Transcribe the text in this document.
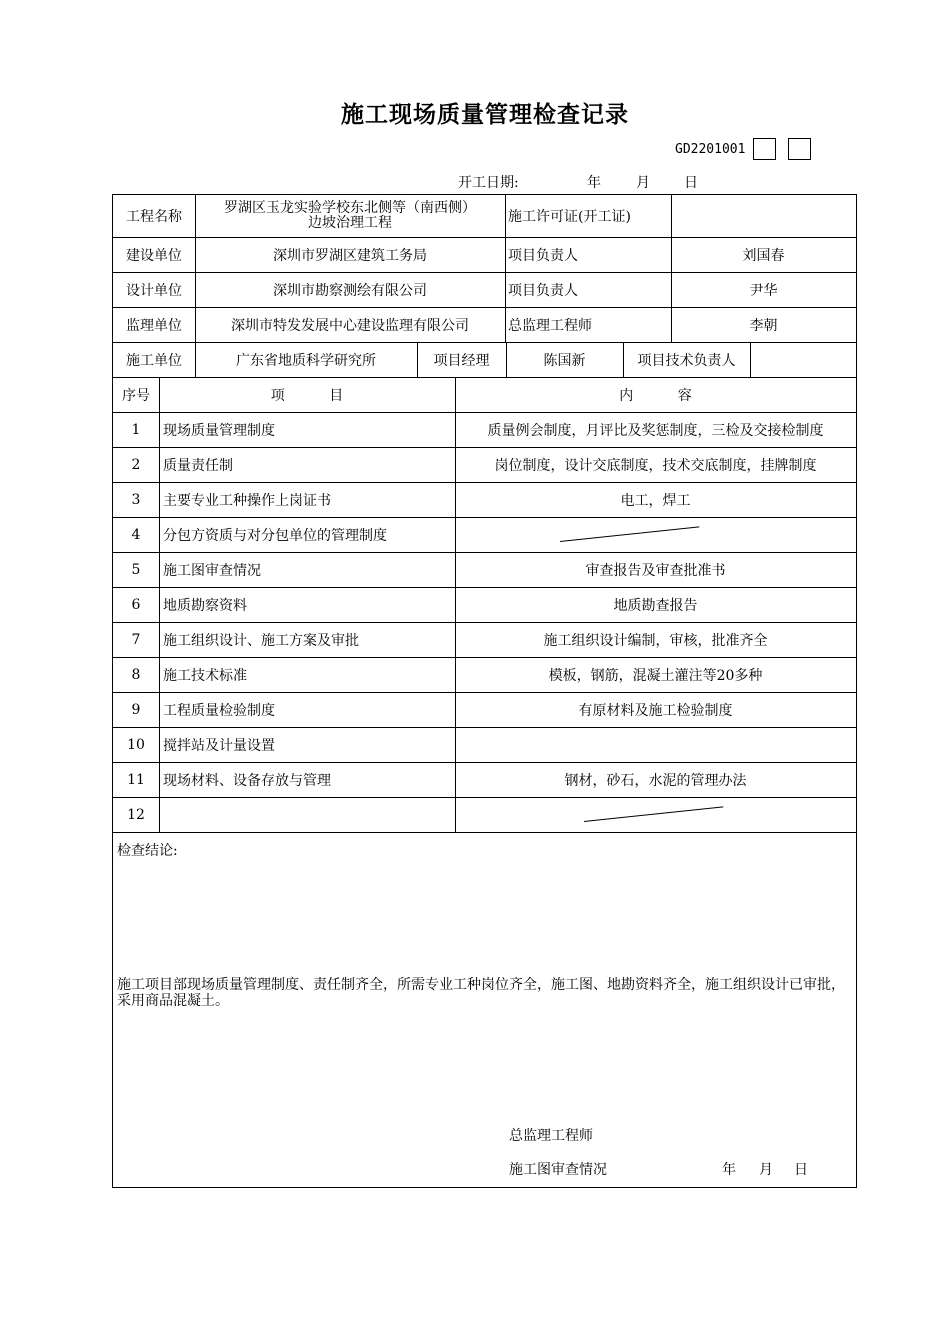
施工现场质量管理检查记录
GD2201001
开工日期:	年	月 日
工程名称
罗湖区玉龙实验学校东北侧等（南西侧）
边坡治理工程	施工许可证(开工证)
建设单位	深圳市罗湖区建筑工务局	项目负责人	刘国春
设计单位	深圳市勘察测绘有限公司	项目负责人	尹华
监理单位	深圳市特发发展中心建设监理有限公司	总监理工程师	李朝
施工单位	广东省地质科学研究所	项目经理	陈国新	项目技术负责人
序号	项          目	内          容
1	现场质量管理制度	质量例会制度，月评比及奖惩制度，三检及交接检制度
2	质量责任制	岗位制度，设计交底制度，技术交底制度，挂牌制度
3	主要专业工种操作上岗证书	电工，焊工
4	分包方资质与对分包单位的管理制度
5	施工图审查情况	审查报告及审查批准书
6	地质勘察资料	地质勘查报告
7	施工组织设计、施工方案及审批	施工组织设计编制，审核，批准齐全
8	施工技术标准	模板，钢筋，混凝土灌注等20多种
9	工程质量检验制度	有原材料及施工检验制度
10	搅拌站及计量设置
11	现场材料、设备存放与管理	钢材，砂石，水泥的管理办法
12
检查结论:
施工项目部现场质量管理制度、责任制齐全，所需专业工种岗位齐全，施工图、地勘资料齐全，施工组织设计已审批，采用商品混凝土。
总监理工程师
施工图审查情况	年 月 日
